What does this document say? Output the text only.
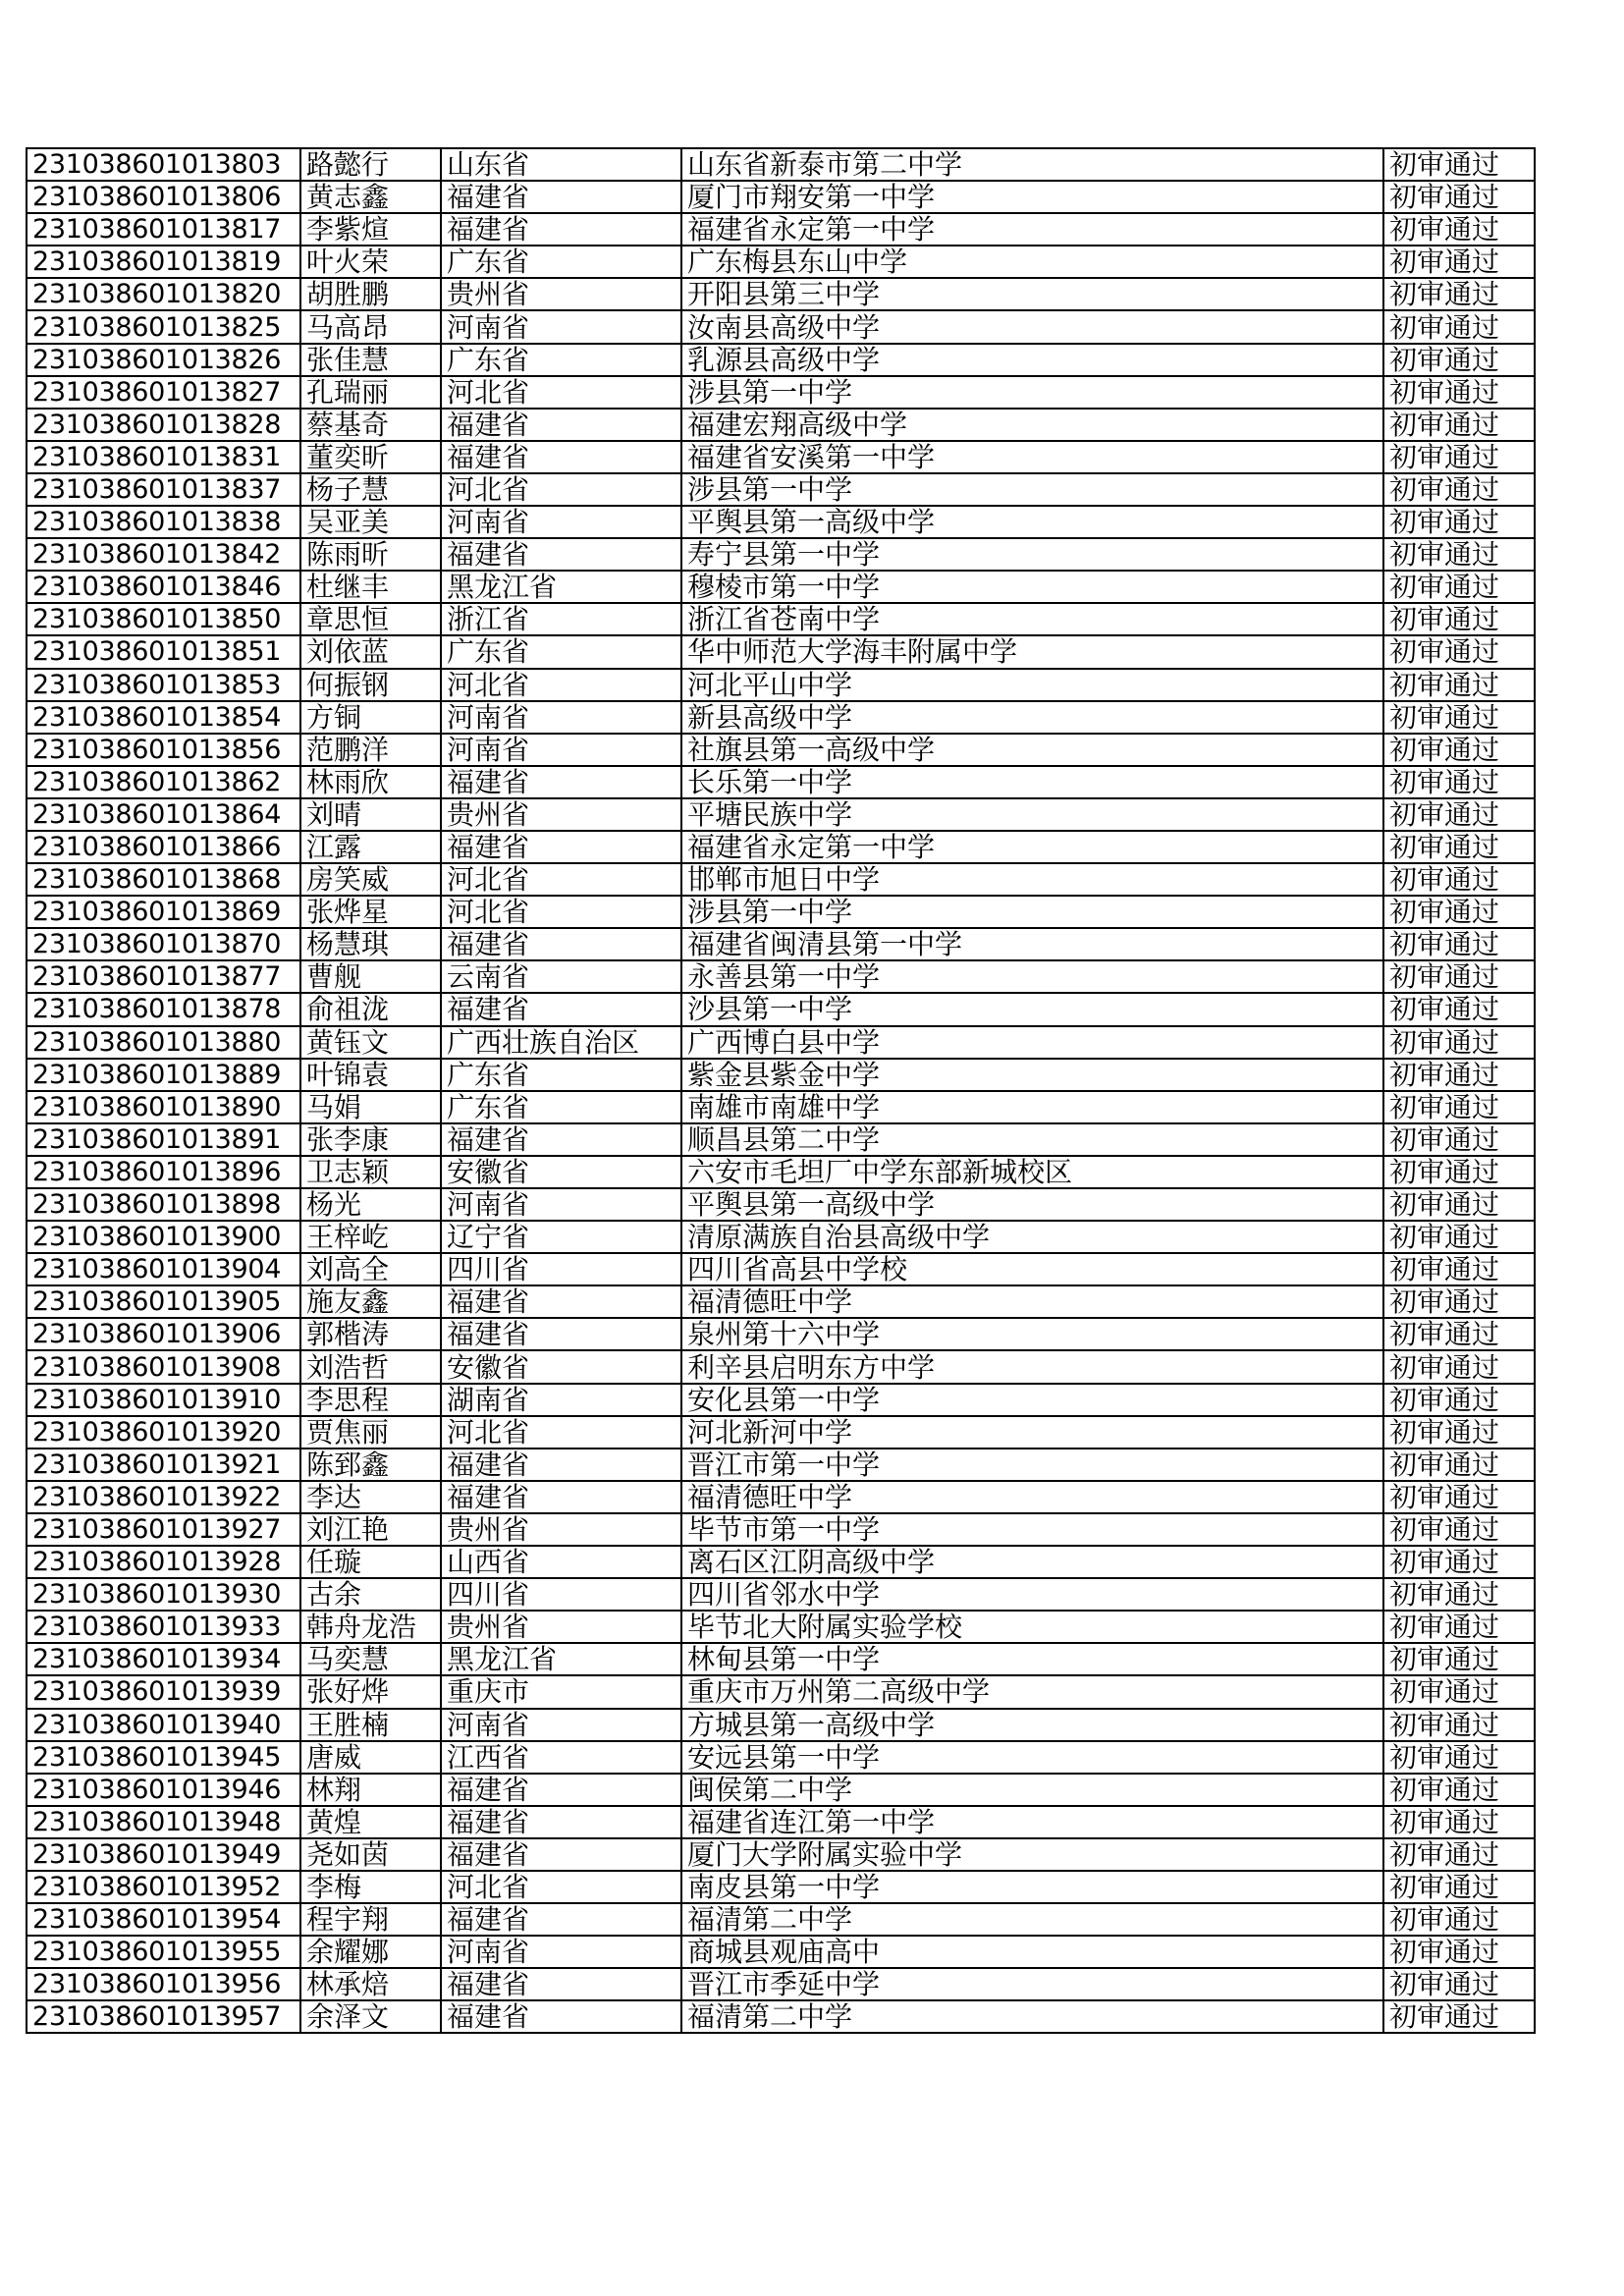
231038601013803	路懿行	山东省	山东省新泰市第二中学	初审通过
231038601013806	黄志鑫	福建省	厦门市翔安第一中学	初审通过
231038601013817	李紫煊	福建省	福建省永定第一中学	初审通过
231038601013819	叶火荣	广东省	广东梅县东山中学	初审通过
231038601013820	胡胜鹏	贵州省	开阳县第三中学	初审通过
231038601013825	马高昂	河南省	汝南县高级中学	初审通过
231038601013826	张佳慧	广东省	乳源县高级中学	初审通过
231038601013827	孔瑞丽	河北省	涉县第一中学	初审通过
231038601013828	蔡基奇	福建省	福建宏翔高级中学	初审通过
231038601013831	董奕昕	福建省	福建省安溪第一中学	初审通过
231038601013837	杨子慧	河北省	涉县第一中学	初审通过
231038601013838	吴亚美	河南省	平舆县第一高级中学	初审通过
231038601013842	陈雨昕	福建省	寿宁县第一中学	初审通过
231038601013846	杜继丰	黑龙江省	穆棱市第一中学	初审通过
231038601013850	章思恒	浙江省	浙江省苍南中学	初审通过
231038601013851	刘依蓝	广东省	华中师范大学海丰附属中学	初审通过
231038601013853	何振钢	河北省	河北平山中学	初审通过
231038601013854	方铜	河南省	新县高级中学	初审通过
231038601013856	范鹏洋	河南省	社旗县第一高级中学	初审通过
231038601013862	林雨欣	福建省	长乐第一中学	初审通过
231038601013864	刘晴	贵州省	平塘民族中学	初审通过
231038601013866	江露	福建省	福建省永定第一中学	初审通过
231038601013868	房笑威	河北省	邯郸市旭日中学	初审通过
231038601013869	张烨星	河北省	涉县第一中学	初审通过
231038601013870	杨慧琪	福建省	福建省闽清县第一中学	初审通过
231038601013877	曹舰	云南省	永善县第一中学	初审通过
231038601013878	俞祖泷	福建省	沙县第一中学	初审通过
231038601013880	黄钰文	广西壮族自治区	广西博白县中学	初审通过
231038601013889	叶锦袁	广东省	紫金县紫金中学	初审通过
231038601013890	马娟	广东省	南雄市南雄中学	初审通过
231038601013891	张李康	福建省	顺昌县第二中学	初审通过
231038601013896	卫志颖	安徽省	六安市毛坦厂中学东部新城校区	初审通过
231038601013898	杨光	河南省	平舆县第一高级中学	初审通过
231038601013900	王梓屹	辽宁省	清原满族自治县高级中学	初审通过
231038601013904	刘高全	四川省	四川省高县中学校	初审通过
231038601013905	施友鑫	福建省	福清德旺中学	初审通过
231038601013906	郭楷涛	福建省	泉州第十六中学	初审通过
231038601013908	刘浩哲	安徽省	利辛县启明东方中学	初审通过
231038601013910	李思程	湖南省	安化县第一中学	初审通过
231038601013920	贾焦丽	河北省	河北新河中学	初审通过
231038601013921	陈郅鑫	福建省	晋江市第一中学	初审通过
231038601013922	李达	福建省	福清德旺中学	初审通过
231038601013927	刘江艳	贵州省	毕节市第一中学	初审通过
231038601013928	任璇	山西省	离石区江阴高级中学	初审通过
231038601013930	古余	四川省	四川省邻水中学	初审通过
231038601013933	韩舟龙浩	贵州省	毕节北大附属实验学校	初审通过
231038601013934	马奕慧	黑龙江省	林甸县第一中学	初审通过
231038601013939	张好烨	重庆市	重庆市万州第二高级中学	初审通过
231038601013940	王胜楠	河南省	方城县第一高级中学	初审通过
231038601013945	唐威	江西省	安远县第一中学	初审通过
231038601013946	林翔	福建省	闽侯第二中学	初审通过
231038601013948	黄煌	福建省	福建省连江第一中学	初审通过
231038601013949	尧如茵	福建省	厦门大学附属实验中学	初审通过
231038601013952	李梅	河北省	南皮县第一中学	初审通过
231038601013954	程宇翔	福建省	福清第二中学	初审通过
231038601013955	余耀娜	河南省	商城县观庙高中	初审通过
231038601013956	林承焙	福建省	晋江市季延中学	初审通过
231038601013957	余泽文	福建省	福清第二中学	初审通过
